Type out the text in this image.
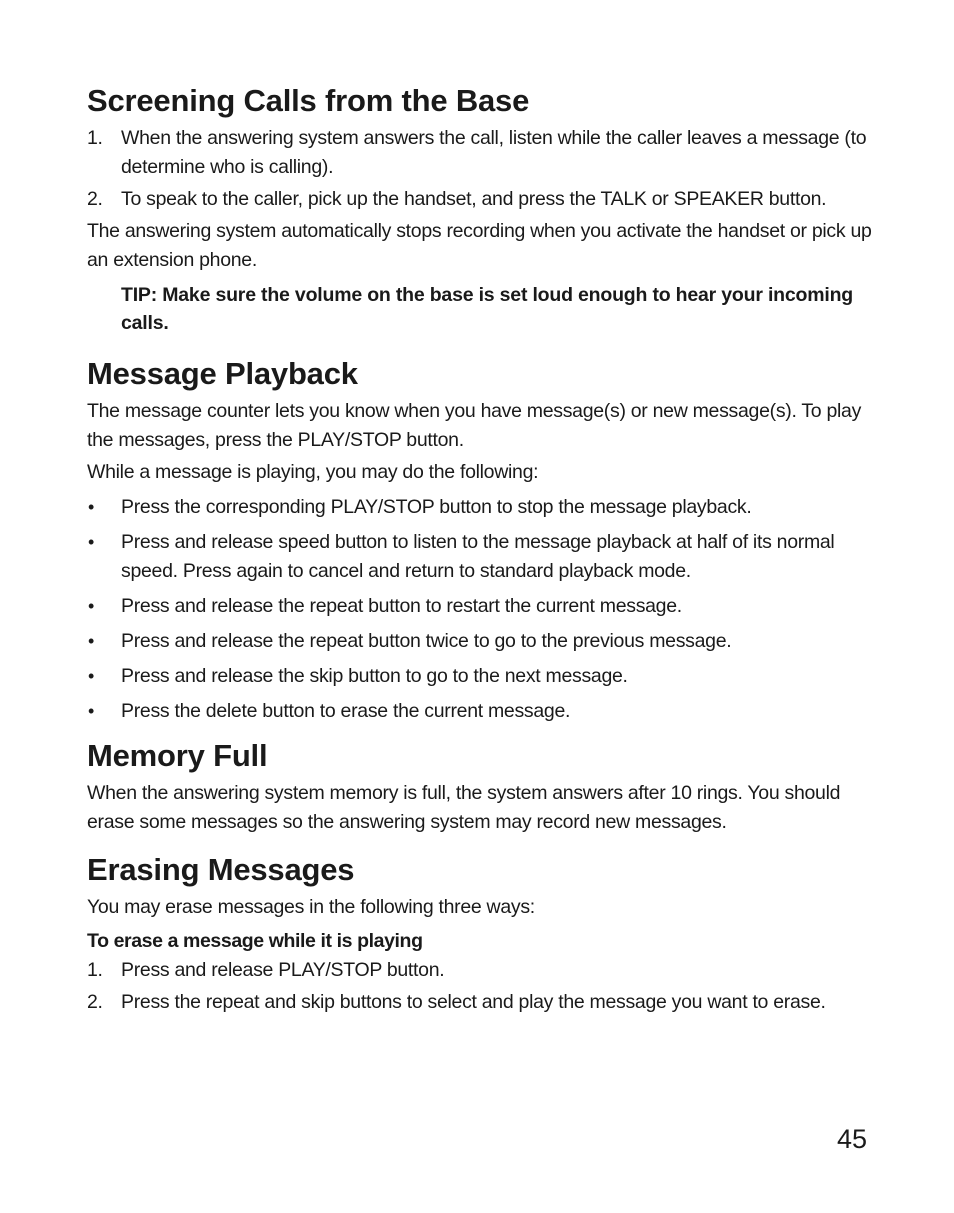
Screening Calls from the Base
1. When the answering system answers the call, listen while the caller leaves a message (to determine who is calling).
2. To speak to the caller, pick up the handset, and press the TALK or SPEAKER button.

The answering system automatically stops recording when you activate the handset or pick up an extension phone.

TIP: Make sure the volume on the base is set loud enough to hear your incoming calls.
Message Playback

The message counter lets you know when you have message(s) or new message(s). To play the messages, press the PLAY/STOP button.

While a message is playing, you may do the following:

• Press the corresponding PLAY/STOP button to stop the message playback.
• Press and release speed button to listen to the message playback at half of its normal speed. Press again to cancel and return to standard playback mode.
• Press and release the repeat button to restart the current message.
• Press and release the repeat button twice to go to the previous message.
• Press and release the skip button to go to the next message.
• Press the delete button to erase the current message.
Memory Full

When the answering system memory is full, the system answers after 10 rings. You should erase some messages so the answering system may record new messages.

Erasing Messages

You may erase messages in the following three ways:

To erase a message while it is playing
1. Press and release PLAY/STOP button.
2. Press the repeat and skip buttons to select and play the message you want to erase.
45
